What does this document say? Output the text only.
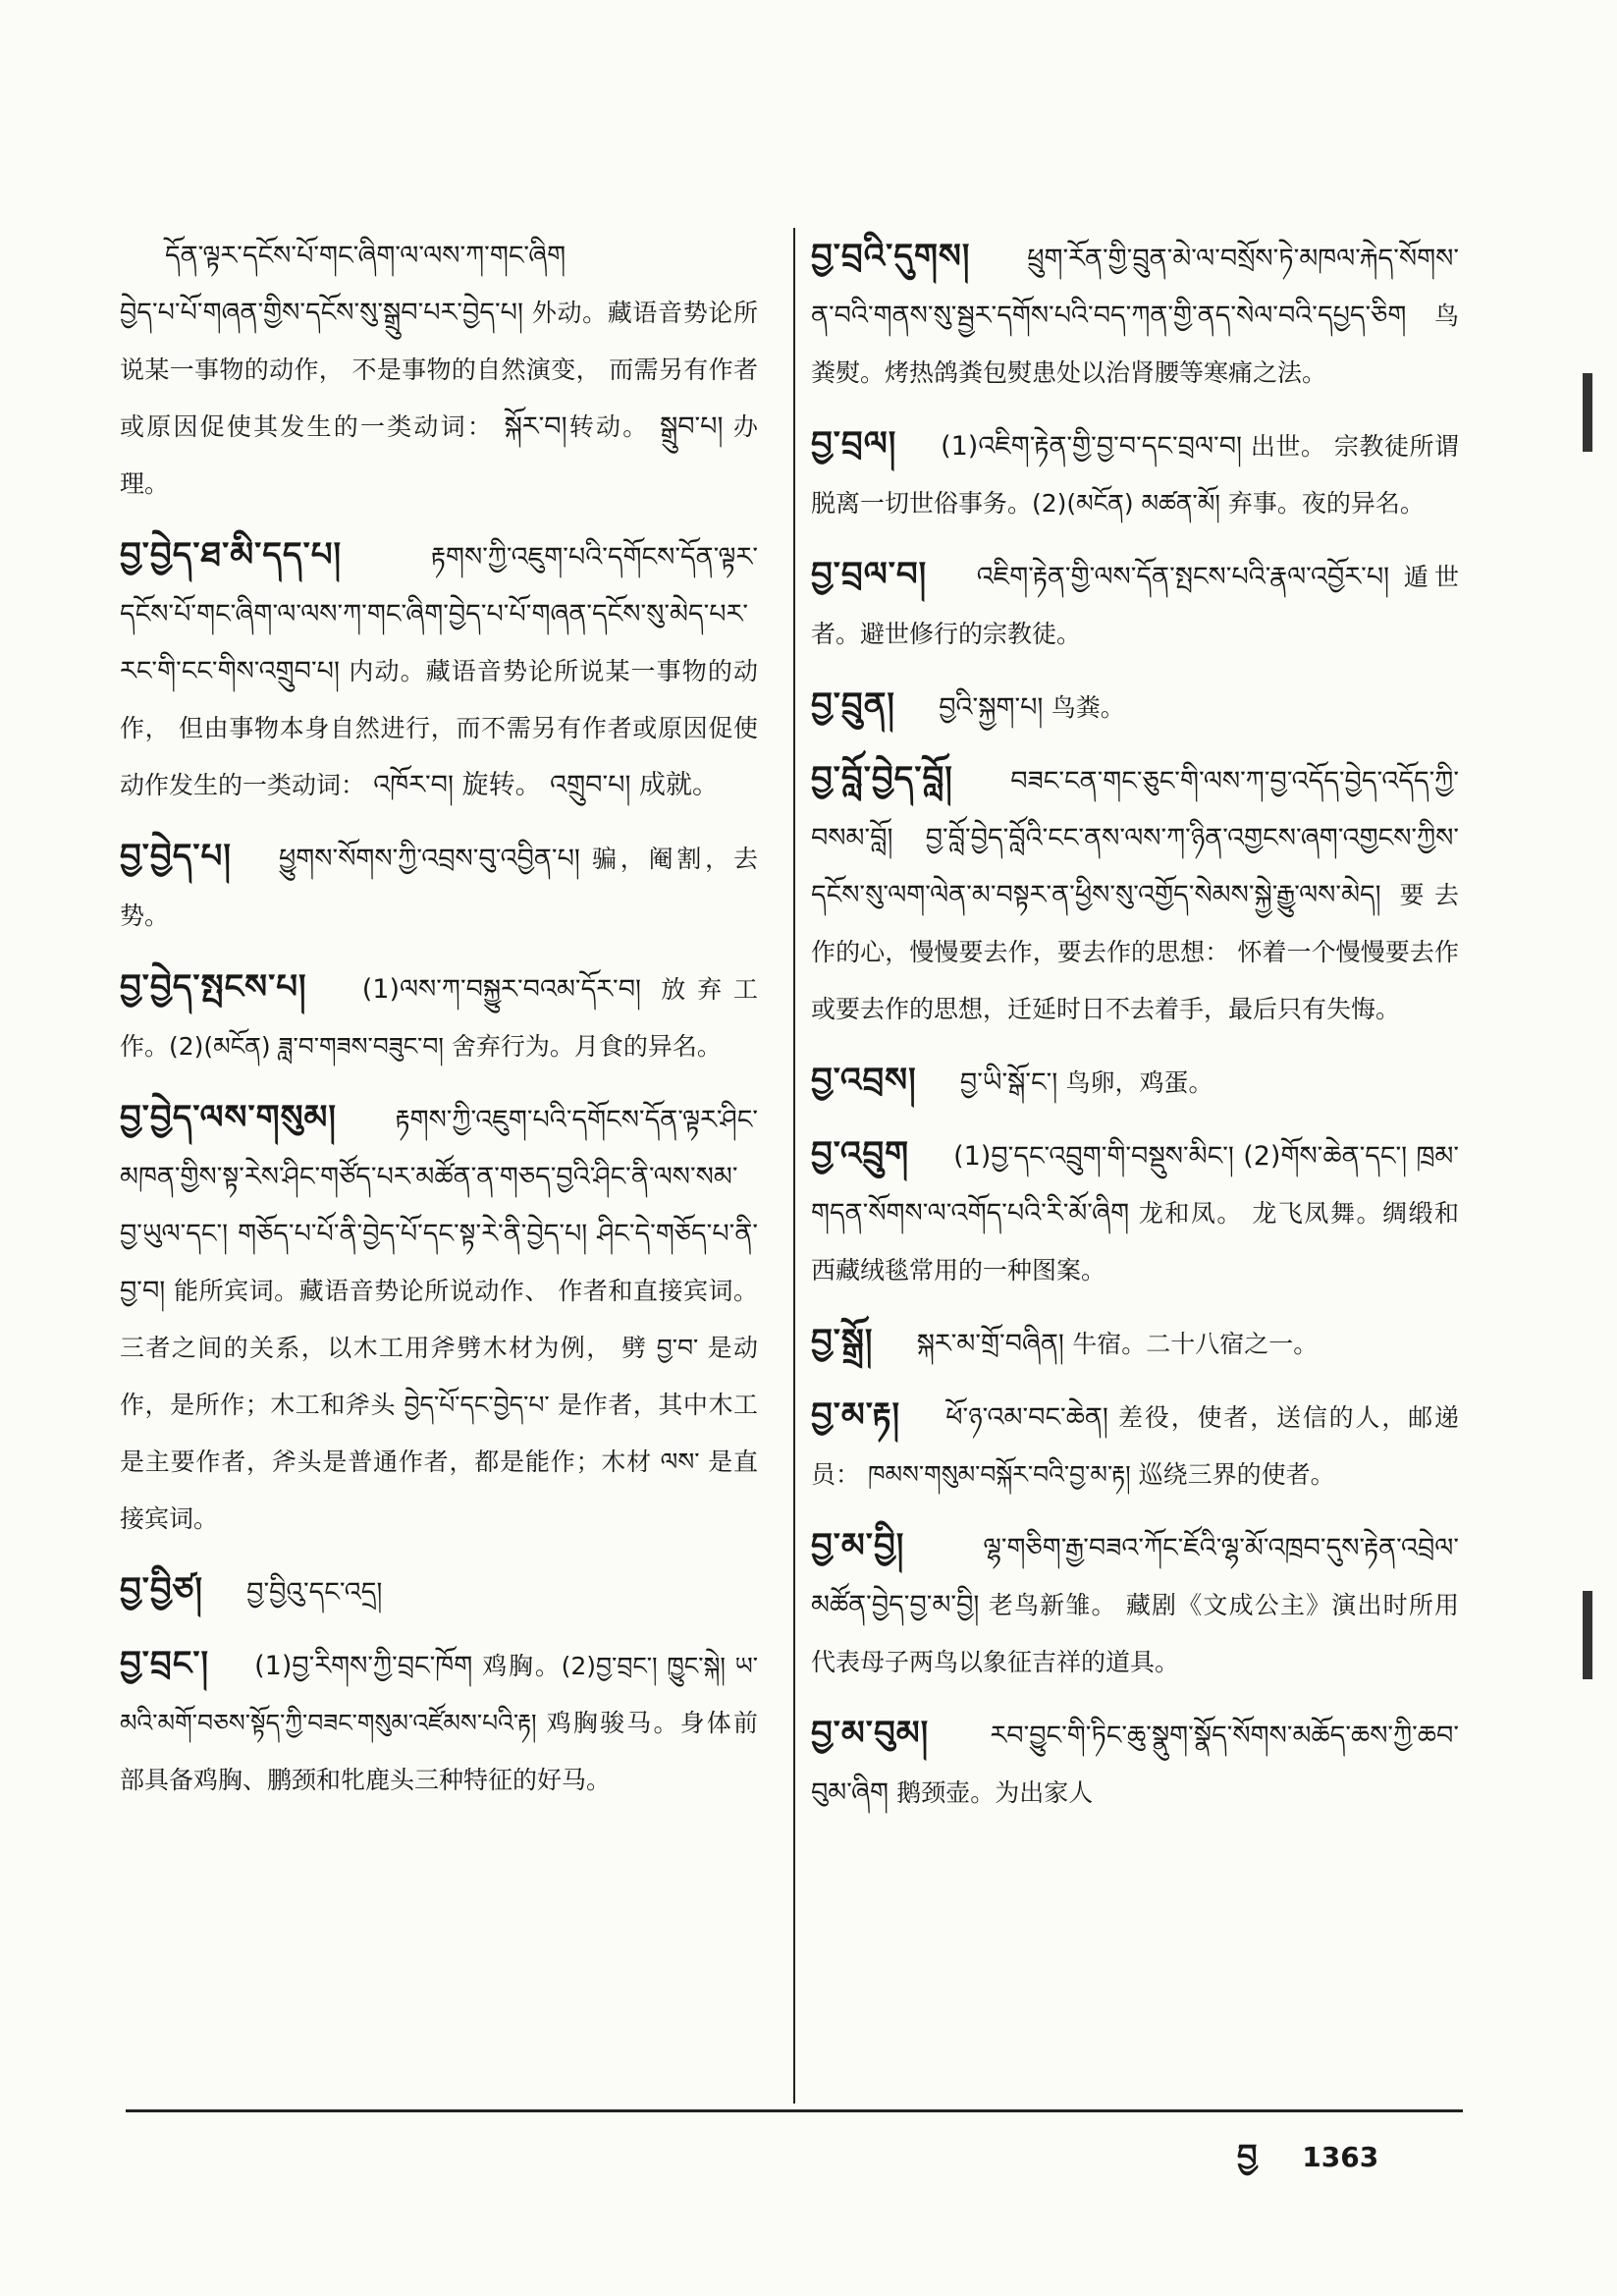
དོན་ལྟར་དངོས་པོ་གང་ཞིག་ལ་ལས་ཀ་གང་ཞིག
བྱེད་པ་པོ་གཞན་གྱིས་དངོས་སུ་སྒྲུབ་པར་བྱེད་པ། 外动。藏语音势论所说某一事物的动作， 不是事物的自然演变， 而需另有作者或原因促使其发生的一类动词： སྐོར་བ།转动。 སྒྲུབ་པ། 办理。
བྱ་བྱེད་ཐ་མི་དད་པ།	རྟགས་ཀྱི་འཇུག་པའི་དགོངས་དོན་ལྟར་དངོས་པོ་གང་ཞིག་ལ་ལས་ཀ་གང་ཞིག་བྱེད་པ་པོ་གཞན་དངོས་སུ་མེད་པར་རང་གི་ངང་གིས་འགྲུབ་པ། 内动。藏语音势论所说某一事物的动作， 但由事物本身自然进行，而不需另有作者或原因促使动作发生的一类动词： འཁོར་བ། 旋转。 འགྲུབ་པ། 成就。
བྱ་བྱེད་པ། ཕྱུགས་སོགས་ཀྱི་འབྲས་བུ་འབྱིན་པ། 骗，阉割，去势。
བྱ་བྱེད་སྤངས་པ། (1)ལས་ཀ་བསྐྱུར་བའམ་དོར་བ། 放弃工作。(2)(མངོན) ཟླ་བ་གཟས་བཟུང་བ། 舍弃行为。月食的异名。
བྱ་བྱེད་ལས་གསུམ། རྟགས་ཀྱི་འཇུག་པའི་དགོངས་དོན་ལྟར་ཤིང་མཁན་གྱིས་སྟ་རེས་ཤིང་གཙོད་པར་མཚོན་ན་གཅད་བྱའི་ཤིང་ནི་ལས་སམ་བྱ་ཡུལ་དང་། གཅོད་པ་པོ་ནི་བྱེད་པོ་དང་སྟ་རེ་ནི་བྱེད་པ། ཤིང་དེ་གཅོད་པ་ནི་བྱ་བ། 能所宾词。藏语音势论所说动作、 作者和直接宾词。三者之间的关系，以木工用斧劈木材为例， 劈 བྱ་བ་ 是动作，是所作；木工和斧头 བྱེད་པོ་དང་བྱེད་པ་ 是作者，其中木工是主要作者，斧头是普通作者，都是能作；木材 ལས་ 是直接宾词。
བྱ་བྱིཙ། བྱ་བྱིའུ་དང་འདྲ།
བྱ་བྲང་། (1)བྱ་རིགས་ཀྱི་བྲང་ཁོག 鸡胸。(2)བྱ་བྲང་། ཁྱུང་སྐེ། ཡ་མའི་མགོ་བཅས་སྟོད་ཀྱི་བཟང་གསུམ་འཛོམས་པའི་རྟ། 鸡胸骏马。身体前部具备鸡胸、鹏颈和牝鹿头三种特征的好马。
བྱ་བྲའི་དུགས། ཕྲུག་རོན་གྱི་བྲུན་མེ་ལ་བསྲོས་ཏེ་མཁལ་རྐེད་སོགས་ན་བའི་གནས་སུ་སྦྱར་དགོས་པའི་བད་ཀན་གྱི་ནད་སེལ་བའི་དཔྱད་ཅིག 鸟粪熨。烤热鸽粪包熨患处以治肾腰等寒痛之法。
བྱ་བྲལ། (1)འཇིག་རྟེན་གྱི་བྱ་བ་དང་བྲལ་བ། 出世。 宗教徒所谓脱离一切世俗事务。(2)(མངོན) མཚན་མོ། 弃事。夜的异名。
བྱ་བྲལ་བ། འཇིག་རྟེན་གྱི་ལས་དོན་སྤངས་པའི་རྣལ་འབྱོར་པ། 遁世者。避世修行的宗教徒。
བྱ་བྲུན། བྱའི་སྐྱག་པ། 鸟粪。
བྱ་བློ་བྱེད་བློ། བཟང་ངན་གང་ཅུང་གི་ལས་ཀ་བྱ་འདོད་བྱེད་འདོད་ཀྱི་བསམ་བློ། བྱ་བློ་བྱེད་བློའི་ངང་ནས་ལས་ཀ་ཉིན་འགྱངས་ཞག་འགྱངས་ཀྱིས་དངོས་སུ་ལག་ལེན་མ་བསྟར་ན་ཕྱིས་སུ་འགྱོད་སེམས་སྐྱེ་རྒྱུ་ལས་མེད། 要去作的心，慢慢要去作，要去作的思想： 怀着一个慢慢要去作或要去作的思想，迁延时日不去着手，最后只有失悔。
བྱ་འབྲས། བྱ་ཡི་སྒོ་ང་། 鸟卵，鸡蛋。
བྱ་འབྲུག (1)བྱ་དང་འབྲུག་གི་བསྡུས་མིང་། (2)གོས་ཆེན་དང་། ཁྲམ་གདན་སོགས་ལ་འགོད་པའི་རི་མོ་ཞིག 龙和凤。 龙飞凤舞。绸缎和西藏绒毯常用的一种图案。
བྱ་སྒྲོ། སྐར་མ་གྲོ་བཞིན། 牛宿。二十八宿之一。
བྱ་མ་རྟ། ཕོ་ཉ་འམ་བང་ཆེན། 差役，使者，送信的人，邮递员： ཁམས་གསུམ་བསྐོར་བའི་བྱ་མ་རྟ། 巡绕三界的使者。
བྱ་མ་བྱི།	ལྷ་གཅིག་རྒྱ་བཟའ་ཀོང་ཇོའི་ལྷ་མོ་འཁྲབ་དུས་རྟེན་འབྲེལ་མཚོན་བྱེད་བྱ་མ་བྱི། 老鸟新雏。 藏剧《文成公主》演出时所用代表母子两鸟以象征吉祥的道具。
བྱ་མ་བུམ། རབ་བྱུང་གི་ཏིང་ཆུ་སྣུག་སྣོད་སོགས་མཆོད་ཆས་ཀྱི་ཆབ་བུམ་ཞིག 鹅颈壶。为出家人
བྱ 1363
